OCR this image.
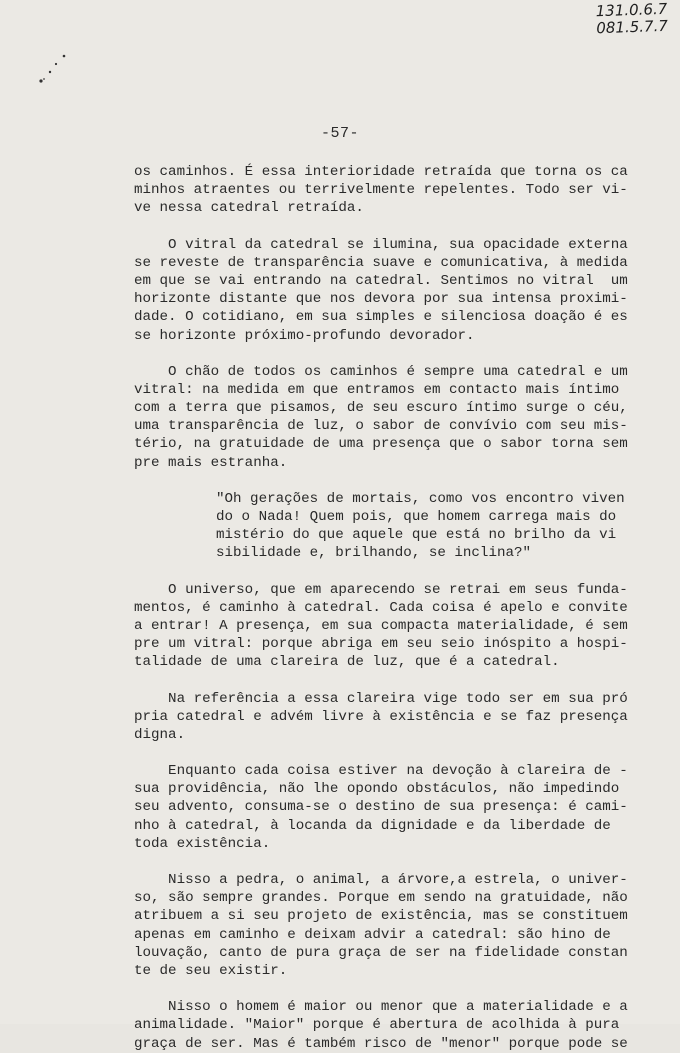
131.0.6.7
081.5.7.7
-57-
os caminhos. É essa interioridade retraída que torna os ca
minhos atraentes ou terrivelmente repelentes. Todo ser vi-
ve nessa catedral retraída.
O vitral da catedral se ilumina, sua opacidade externa
se reveste de transparência suave e comunicativa, à medida
em que se vai entrando na catedral. Sentimos no vitral  um
horizonte distante que nos devora por sua intensa proximi-
dade. O cotidiano, em sua simples e silenciosa doação é es
se horizonte próximo-profundo devorador.
O chão de todos os caminhos é sempre uma catedral e um
vitral: na medida em que entramos em contacto mais íntimo
com a terra que pisamos, de seu escuro íntimo surge o céu,
uma transparência de luz, o sabor de convívio com seu mis-
tério, na gratuidade de uma presença que o sabor torna sem
pre mais estranha.
"Oh gerações de mortais, como vos encontro viven
do o Nada! Quem pois, que homem carrega mais do
mistério do que aquele que está no brilho da vi
sibilidade e, brilhando, se inclina?"
O universo, que em aparecendo se retrai em seus funda-
mentos, é caminho à catedral. Cada coisa é apelo e convite
a entrar! A presença, em sua compacta materialidade, é sem
pre um vitral: porque abriga em seu seio inóspito a hospi-
talidade de uma clareira de luz, que é a catedral.
Na referência a essa clareira vige todo ser em sua pró
pria catedral e advém livre à existência e se faz presença
digna.
Enquanto cada coisa estiver na devoção à clareira de -
sua providência, não lhe opondo obstáculos, não impedindo
seu advento, consuma-se o destino de sua presença: é cami-
nho à catedral, à locanda da dignidade e da liberdade de
toda existência.
Nisso a pedra, o animal, a árvore,a estrela, o univer-
so, são sempre grandes. Porque em sendo na gratuidade, não
atribuem a si seu projeto de existência, mas se constituem
apenas em caminho e deixam advir a catedral: são hino de
louvação, canto de pura graça de ser na fidelidade constan
te de seu existir.
Nisso o homem é maior ou menor que a materialidade e a
animalidade. "Maior" porque é abertura de acolhida à pura
graça de ser. Mas é também risco de "menor" porque pode se
